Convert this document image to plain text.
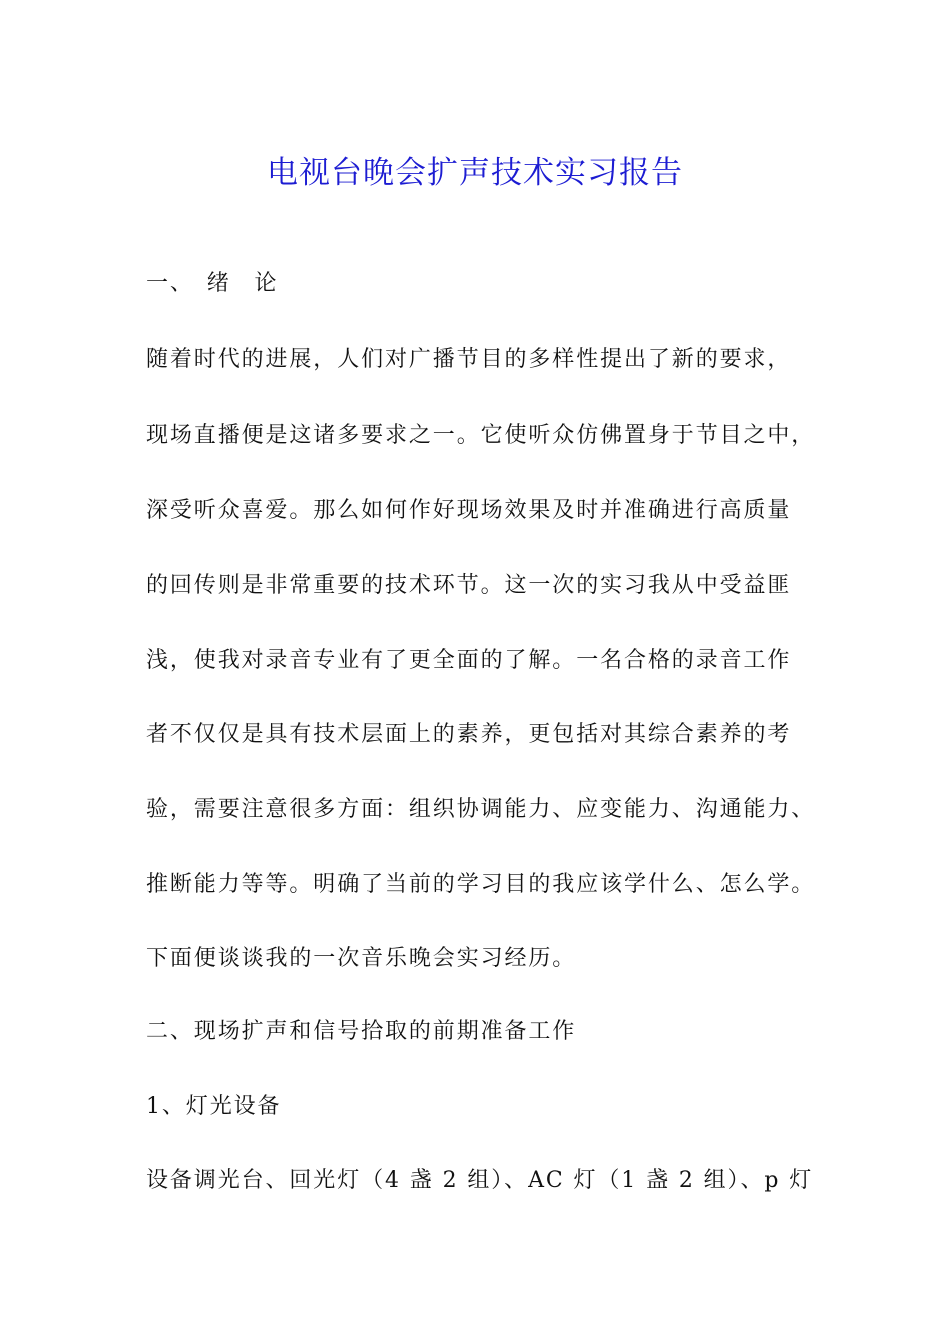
电视台晚会扩声技术实习报告
一、　绪　论
随着时代的进展，人们对广播节目的多样性提出了新的要求，
现场直播便是这诸多要求之一。它使听众仿佛置身于节目之中，
深受听众喜爱。那么如何作好现场效果及时并准确进行高质量
的回传则是非常重要的技术环节。这一次的实习我从中受益匪
浅，使我对录音专业有了更全面的了解。一名合格的录音工作
者不仅仅是具有技术层面上的素养，更包括对其综合素养的考
验，需要注意很多方面：组织协调能力、应变能力、沟通能力、
推断能力等等。明确了当前的学习目的我应该学什么、怎么学。
下面便谈谈我的一次音乐晚会实习经历。
二、现场扩声和信号拾取的前期准备工作
1、灯光设备
设备调光台、回光灯（4 盏 2 组）、AC 灯（1 盏 2 组）、p 灯
